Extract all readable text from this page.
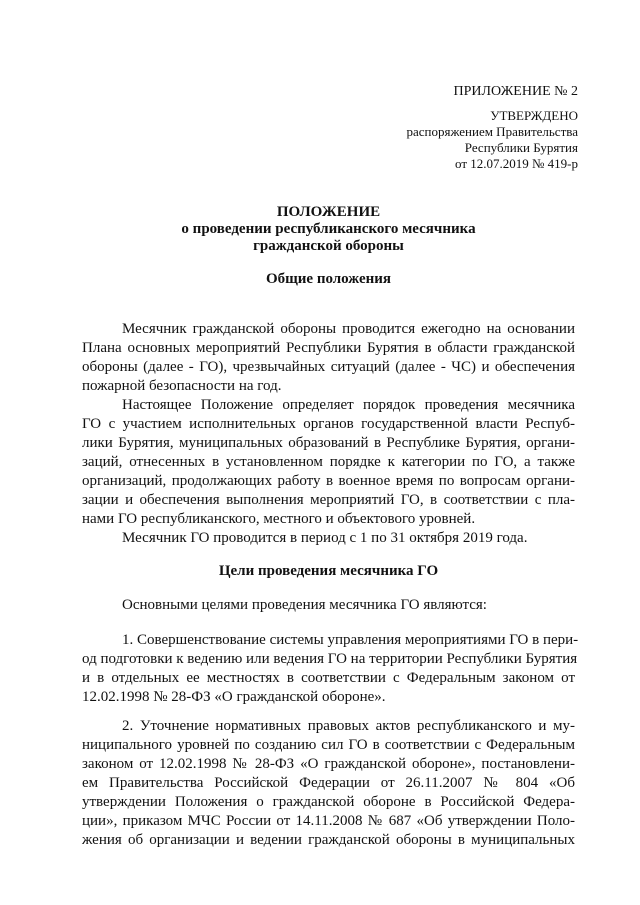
ПРИЛОЖЕНИЕ № 2
УТВЕРЖДЕНО
распоряжением Правительства
Республики Бурятия
от 12.07.2019 № 419-р
ПОЛОЖЕНИЕ
о проведении республиканского месячника
гражданской обороны
Общие положения
Месячник гражданской обороны проводится ежегодно на основании
Плана основных мероприятий Республики Бурятия в области гражданской
обороны (далее - ГО), чрезвычайных ситуаций (далее - ЧС) и обеспечения
пожарной безопасности на год.
Настоящее Положение определяет порядок проведения месячника
ГО с участием исполнительных органов государственной власти Респуб-
лики Бурятия, муниципальных образований в Республике Бурятия, органи-
заций, отнесенных в установленном порядке к категории по ГО, а также
организаций, продолжающих работу в военное время по вопросам органи-
зации и обеспечения выполнения мероприятий ГО, в соответствии с пла-
нами ГО республиканского, местного и объектового уровней.
Месячник ГО проводится в период с 1 по 31 октября 2019 года.
Цели проведения месячника ГО
Основными целями проведения месячника ГО являются:
1. Совершенствование системы управления мероприятиями ГО в пери-
од подготовки к ведению или ведения ГО на территории Республики Бурятия
и в отдельных ее местностях в соответствии с Федеральным законом от
12.02.1998 № 28-ФЗ «О гражданской обороне».
2. Уточнение нормативных правовых актов республиканского и му-
ниципального уровней по созданию сил ГО в соответствии с Федеральным
законом от 12.02.1998 № 28-ФЗ «О гражданской обороне», постановлени-
ем Правительства Российской Федерации от 26.11.2007 № 804 «Об
утверждении Положения о гражданской обороне в Российской Федера-
ции», приказом МЧС России от 14.11.2008 № 687 «Об утверждении Поло-
жения об организации и ведении гражданской обороны в муниципальных
